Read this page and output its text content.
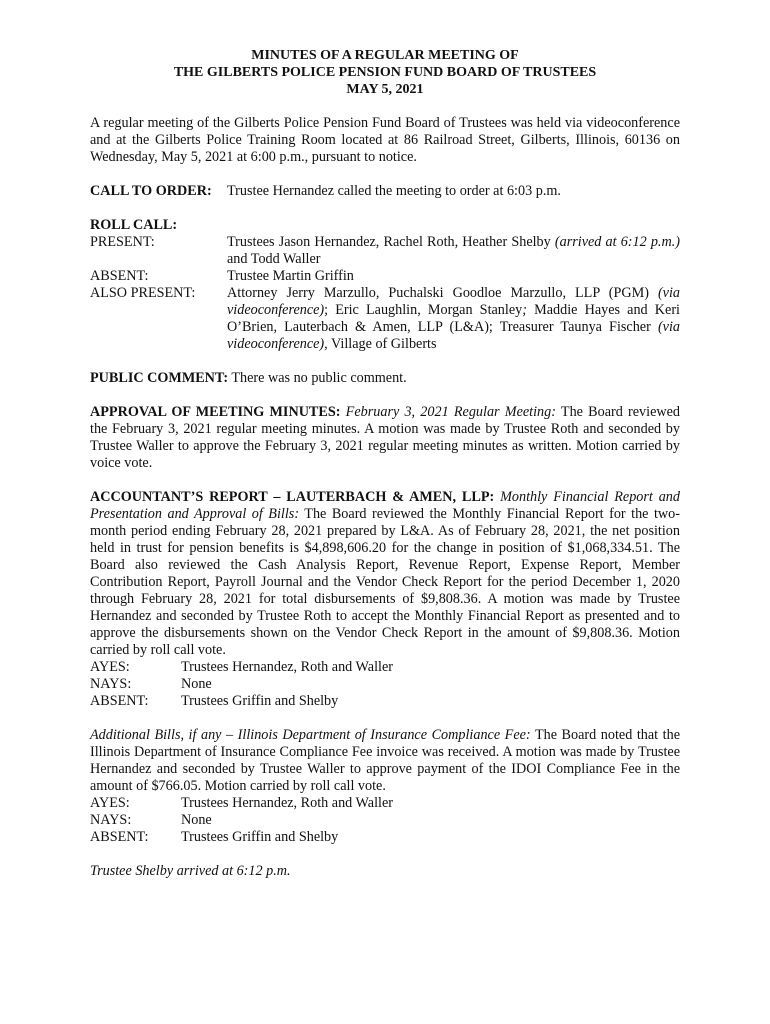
MINUTES OF A REGULAR MEETING OF

THE GILBERTS POLICE PENSION FUND BOARD OF TRUSTEES

MAY 5, 2021

A regular meeting of the Gilberts Police Pension Fund Board of Trustees was held via videoconference and at the Gilberts Police Training Room located at 86 Railroad Street, Gilberts, Illinois, 60136 on Wednesday, May 5, 2021 at 6:00 p.m., pursuant to notice.

CALL TO ORDER:	Trustee Hernandez called the meeting to order at 6:03 p.m.

ROLL CALL:

PRESENT:	Trustees Jason Hernandez, Rachel Roth, Heather Shelby (arrived at 6:12 p.m.) and Todd Waller
ABSENT:	Trustee Martin Griffin
ALSO PRESENT:	Attorney Jerry Marzullo, Puchalski Goodloe Marzullo, LLP (PGM) (via videoconference); Eric Laughlin, Morgan Stanley; Maddie Hayes and Keri O’Brien, Lauterbach & Amen, LLP (L&A); Treasurer Taunya Fischer (via videoconference), Village of Gilberts

PUBLIC COMMENT: There was no public comment.

APPROVAL OF MEETING MINUTES: February 3, 2021 Regular Meeting: The Board reviewed the February 3, 2021 regular meeting minutes. A motion was made by Trustee Roth and seconded by Trustee Waller to approve the February 3, 2021 regular meeting minutes as written. Motion carried by voice vote.

ACCOUNTANT’S REPORT – LAUTERBACH & AMEN, LLP: Monthly Financial Report and Presentation and Approval of Bills: The Board reviewed the Monthly Financial Report for the two-month period ending February 28, 2021 prepared by L&A. As of February 28, 2021, the net position held in trust for pension benefits is $4,898,606.20 for the change in position of $1,068,334.51. The Board also reviewed the Cash Analysis Report, Revenue Report, Expense Report, Member Contribution Report, Payroll Journal and the Vendor Check Report for the period December 1, 2020 through February 28, 2021 for total disbursements of $9,808.36. A motion was made by Trustee Hernandez and seconded by Trustee Roth to accept the Monthly Financial Report as presented and to approve the disbursements shown on the Vendor Check Report in the amount of $9,808.36. Motion carried by roll call vote.

AYES:	Trustees Hernandez, Roth and Waller
NAYS:	None
ABSENT:	Trustees Griffin and Shelby

Additional Bills, if any – Illinois Department of Insurance Compliance Fee: The Board noted that the Illinois Department of Insurance Compliance Fee invoice was received. A motion was made by Trustee Hernandez and seconded by Trustee Waller to approve payment of the IDOI Compliance Fee in the amount of $766.05. Motion carried by roll call vote.

AYES:	Trustees Hernandez, Roth and Waller
NAYS:	None
ABSENT:	Trustees Griffin and Shelby

Trustee Shelby arrived at 6:12 p.m.
